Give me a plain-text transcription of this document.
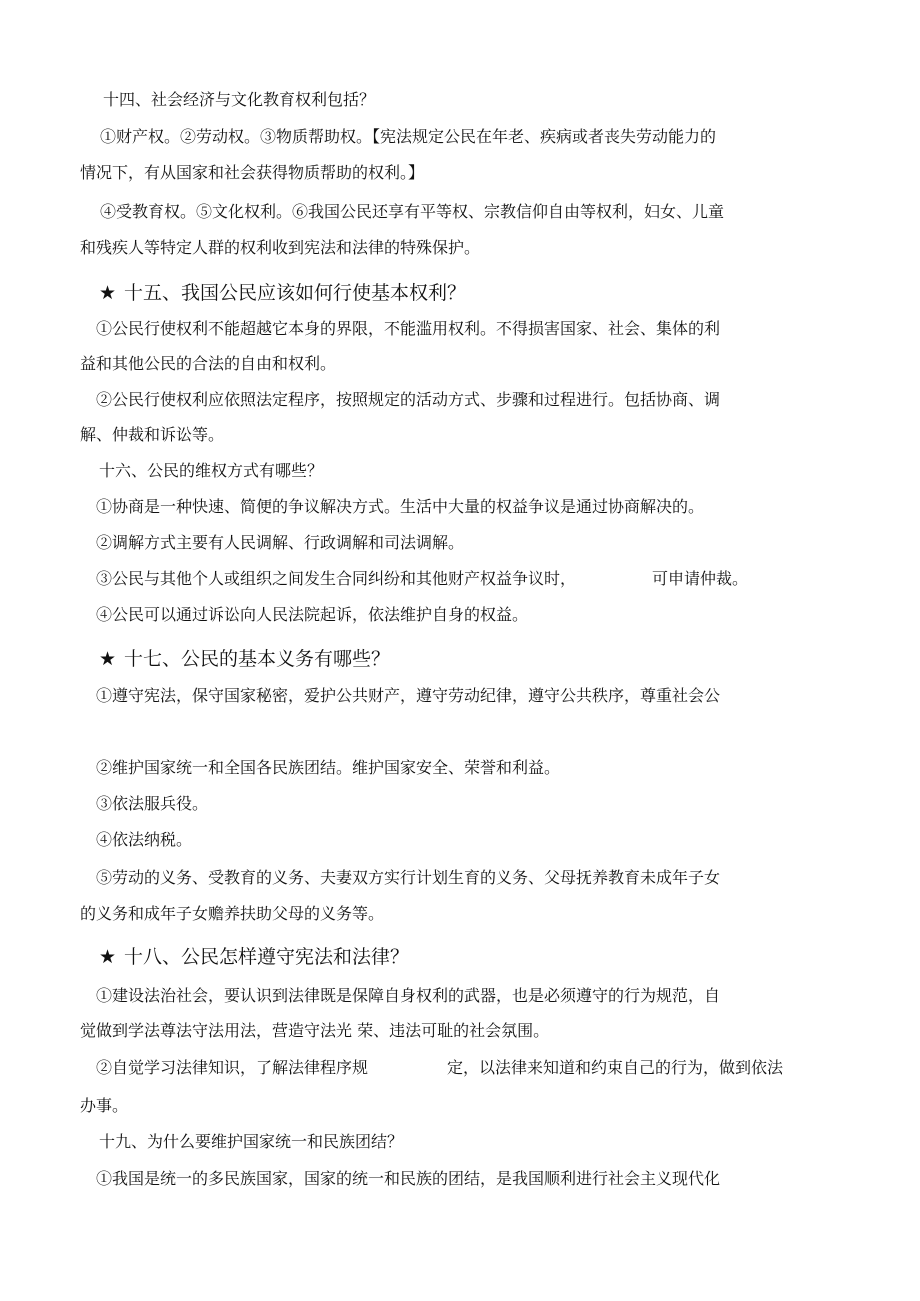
十四、社会经济与文化教育权利包括？
①财产权。②劳动权。③物质帮助权。【宪法规定公民在年老、疾病或者丧失劳动能力的
情况下，有从国家和社会获得物质帮助的权利。】
④受教育权。⑤文化权利。⑥我国公民还享有平等权、宗教信仰自由等权利，妇女、儿童
和残疾人等特定人群的权利收到宪法和法律的特殊保护。
★ 十五、我国公民应该如何行使基本权利？
①公民行使权利不能超越它本身的界限，不能滥用权利。不得损害国家、社会、集体的利
益和其他公民的合法的自由和权利。
②公民行使权利应依照法定程序，按照规定的活动方式、步骤和过程进行。包括协商、调
解、仲裁和诉讼等。
十六、公民的维权方式有哪些？
①协商是一种快速、简便的争议解决方式。生活中大量的权益争议是通过协商解决的。
②调解方式主要有人民调解、行政调解和司法调解。
③公民与其他个人或组织之间发生合同纠纷和其他财产权益争议时，	可申请仲裁。
④公民可以通过诉讼向人民法院起诉，依法维护自身的权益。
★ 十七、公民的基本义务有哪些？
①遵守宪法，保守国家秘密，爱护公共财产，遵守劳动纪律，遵守公共秩序，尊重社会公
②维护国家统一和全国各民族团结。维护国家安全、荣誉和利益。
③依法服兵役。
④依法纳税。
⑤劳动的义务、受教育的义务、夫妻双方实行计划生育的义务、父母抚养教育未成年子女
的义务和成年子女赡养扶助父母的义务等。
★ 十八、公民怎样遵守宪法和法律？
①建设法治社会，要认识到法律既是保障自身权利的武器，也是必须遵守的行为规范，自
觉做到学法尊法守法用法，营造守法光 荣、违法可耻的社会氛围。
②自觉学习法律知识，了解法律程序规	定，以法律来知道和约束自己的行为，做到依法
办事。
十九、为什么要维护国家统一和民族团结？
①我国是统一的多民族国家，国家的统一和民族的团结，是我国顺利进行社会主义现代化
